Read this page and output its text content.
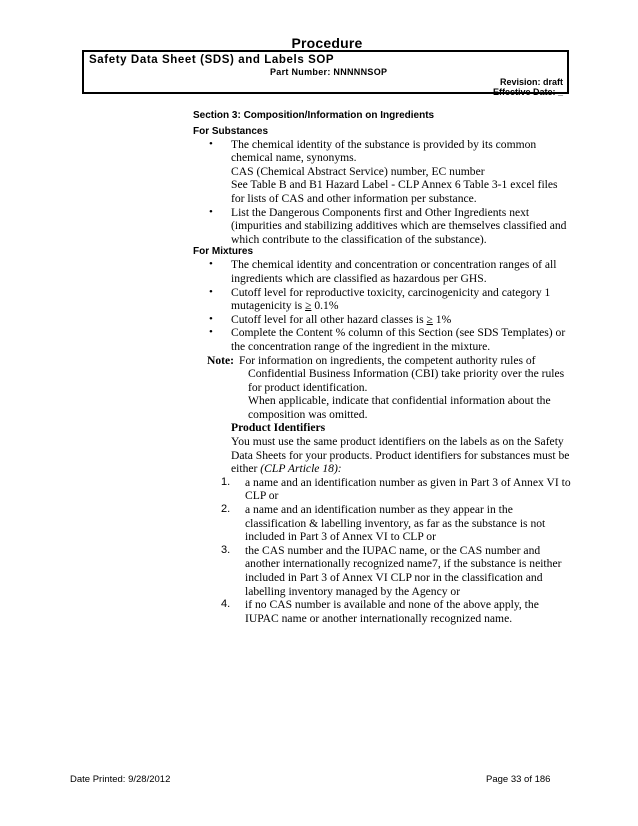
Procedure
Safety Data Sheet (SDS) and Labels SOP
Part Number: NNNNNSOP
Revision: draft
Effective Date: _
Section 3: Composition/Information on Ingredients
For Substances
• The chemical identity of the substance is provided by its common
chemical name, synonyms.
CAS (Chemical Abstract Service) number, EC number
See Table B and B1 Hazard Label - CLP Annex 6 Table 3-1 excel files
for lists of CAS and other information per substance.
• List the Dangerous Components first and Other Ingredients next
(impurities and stabilizing additives which are themselves classified and
which contribute to the classification of the substance).
For Mixtures
• The chemical identity and concentration or concentration ranges of all
ingredients which are classified as hazardous per GHS.
• Cutoff level for reproductive toxicity, carcinogenicity and category 1
mutagenicity is ≥ 0.1%
• Cutoff level for all other hazard classes is ≥ 1%
• Complete the Content % column of this Section (see SDS Templates) or
the concentration range of the ingredient in the mixture.
Note: For information on ingredients, the competent authority rules of
Confidential Business Information (CBI) take priority over the rules
for product identification.
When applicable, indicate that confidential information about the
composition was omitted.
Product Identifiers
You must use the same product identifiers on the labels as on the Safety
Data Sheets for your products. Product identifiers for substances must be
either (CLP Article 18):
1. a name and an identification number as given in Part 3 of Annex VI to
CLP or
2. a name and an identification number as they appear in the
classification & labelling inventory, as far as the substance is not
included in Part 3 of Annex VI to CLP or
3. the CAS number and the IUPAC name, or the CAS number and
another internationally recognized name7, if the substance is neither
included in Part 3 of Annex VI CLP nor in the classification and
labelling inventory managed by the Agency or
4. if no CAS number is available and none of the above apply, the
IUPAC name or another internationally recognized name.
Date Printed: 9/28/2012	Page 33 of 186
